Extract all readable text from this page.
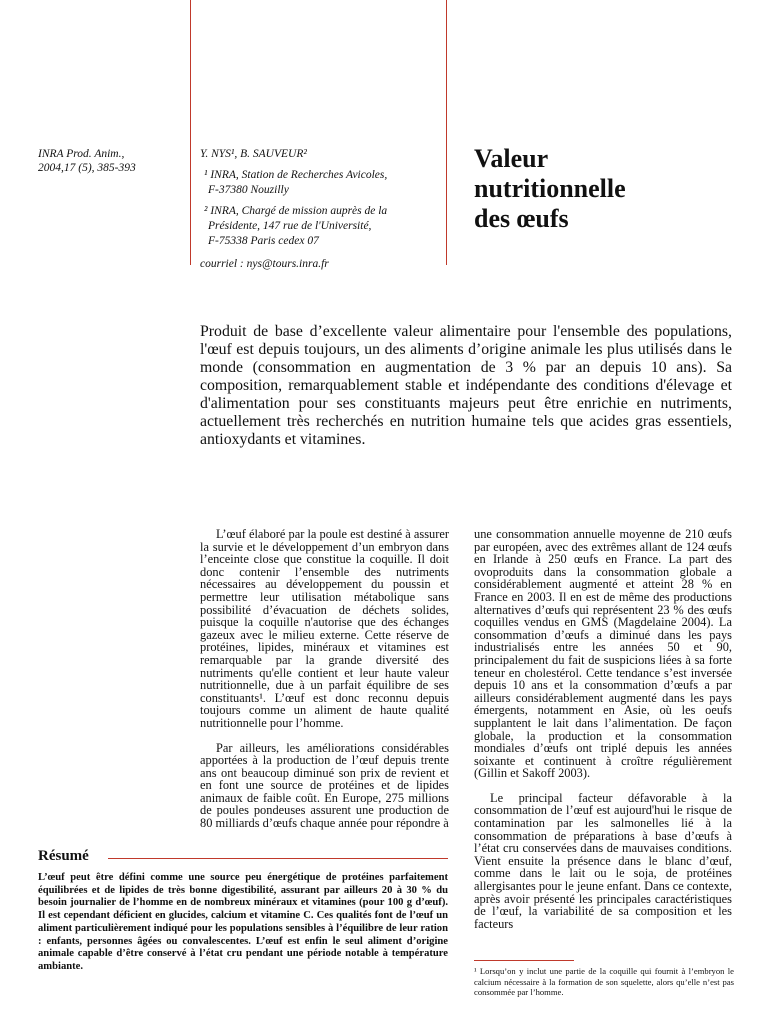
INRA Prod. Anim.,
2004,17 (5), 385-393
Y. NYS¹, B. SAUVEUR²
¹ INRA, Station de Recherches Avicoles,
F-37380 Nouzilly
² INRA, Chargé de mission auprès de la
Présidente, 147 rue de l'Université,
F-75338 Paris cedex 07
courriel : nys@tours.inra.fr
Valeur
nutritionnelle
des œufs
Produit de base d’excellente valeur alimentaire pour l'ensemble des populations, l'œuf est depuis toujours, un des aliments d’origine animale les plus utilisés dans le monde (consommation en augmentation de 3 % par an depuis 10 ans). Sa composition, remarquablement stable et indépendante des conditions d'élevage et d'alimentation pour ses constituants majeurs peut être enrichie en nutriments, actuellement très recherchés en nutrition humaine tels que acides gras essentiels, antioxydants et vitamines.

L’œuf élaboré par la poule est destiné à assurer la survie et le développement d’un embryon dans l’enceinte close que constitue la coquille. Il doit donc contenir l’ensemble des nutriments nécessaires au développement du poussin et permettre leur utilisation métabolique sans possibilité d’évacuation de déchets solides, puisque la coquille n'autorise que des échanges gazeux avec le milieu externe. Cette réserve de protéines, lipides, minéraux et vitamines est remarquable par la grande diversité des nutriments qu'elle contient et leur haute valeur nutritionnelle, due à un parfait équilibre de ses constituants¹. L’œuf est donc reconnu depuis toujours comme un aliment de haute qualité nutritionnelle pour l’homme.

Par ailleurs, les améliorations considérables apportées à la production de l’œuf depuis trente ans ont beaucoup diminué son prix de revient et en font une source de protéines et de lipides animaux de faible coût. En Europe, 275 millions de poules pondeuses assurent une production de 80 milliards d’œufs chaque année pour répondre à

une consommation annuelle moyenne de 210 œufs par européen, avec des extrêmes allant de 124 œufs en Irlande à 250 œufs en France. La part des ovoproduits dans la consommation globale a considérablement augmenté et atteint 28 % en France en 2003. Il en est de même des productions alternatives d’œufs qui représentent 23 % des œufs coquilles vendus en GMS (Magdelaine 2004). La consommation d’œufs a diminué dans les pays industrialisés entre les années 50 et 90, principalement du fait de suspicions liées à sa forte teneur en cholestérol. Cette tendance s’est inversée depuis 10 ans et la consommation d’œufs a par ailleurs considérablement augmenté dans les pays émergents, notamment en Asie, où les oeufs supplantent le lait dans l’alimentation. De façon globale, la production et la consommation mondiales d’œufs ont triplé depuis les années soixante et continuent à croître régulièrement (Gillin et Sakoff 2003).

Le principal facteur défavorable à la consommation de l’œuf est aujourd'hui le risque de contamination par les salmonelles lié à la consommation de préparations à base d’œufs à l’état cru conservées dans de mauvaises conditions. Vient ensuite la présence dans le blanc d’œuf, comme dans le lait ou le soja, de protéines allergisantes pour le jeune enfant. Dans ce contexte, après avoir présenté les principales caractéristiques de l’œuf, la variabilité de sa composition et les facteurs

Résumé
L’œuf peut être défini comme une source peu énergétique de protéines parfaitement équilibrées et de lipides de très bonne digestibilité, assurant par ailleurs 20 à 30 % du besoin journalier de l’homme en de nombreux minéraux et vitamines (pour 100 g d’œuf). Il est cependant déficient en glucides, calcium et vitamine C. Ces qualités font de l’œuf un aliment particulièrement indiqué pour les populations sensibles à l’équilibre de leur ration : enfants, personnes âgées ou convalescentes. L’œuf est enfin le seul aliment d’origine animale capable d’être conservé à l’état cru pendant une période notable à température ambiante.	¹ Lorsqu’on y inclut une partie de la coquille qui fournit à l’embryon le calcium nécessaire à la formation de son squelette, alors qu’elle n’est pas consommée par l’homme.
